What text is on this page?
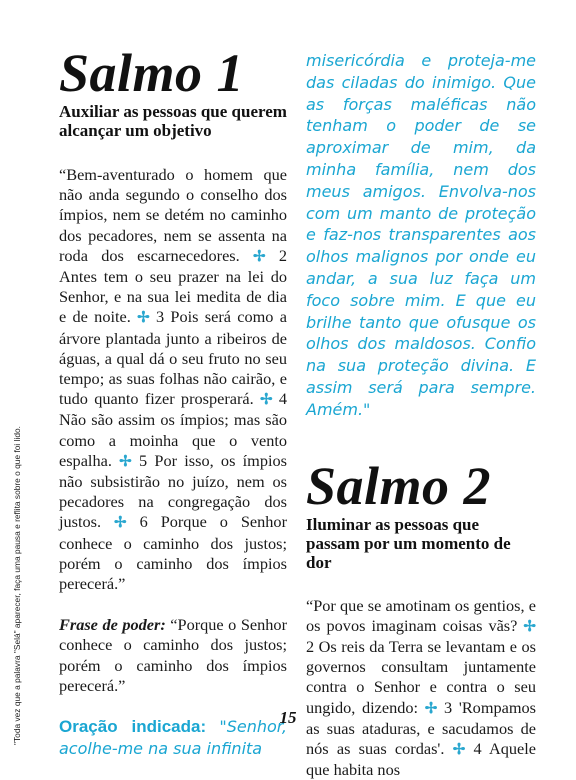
"Toda vez que a palavra "Selá" aparecer, faça uma pausa e reflita sobre o que foi lido.
Salmo 1

Auxiliar as pessoas que querem alcançar um objetivo

“Bem-aventurado o homem que não anda segundo o conselho dos ímpios, nem se detém no caminho dos pecadores, nem se assenta na roda dos escarnecedores. ✢ 2 Antes tem o seu prazer na lei do Senhor, e na sua lei medita de dia e de noite. ✢ 3 Pois será como a árvore plantada junto a ribeiros de águas, a qual dá o seu fruto no seu tempo; as suas folhas não cairão, e tudo quanto fizer prosperará. ✢ 4 Não são assim os ímpios; mas são como a moinha que o vento espalha. ✢ 5 Por isso, os ímpios não subsistirão no juízo, nem os pecadores na congregação dos justos. ✢ 6 Porque o Senhor conhece o caminho dos justos; porém o caminho dos ímpios perecerá.”

Frase de poder: “Porque o Senhor conhece o caminho dos justos; porém o caminho dos ímpios perecerá.”

Oração indicada: "Senhor, acolhe-me na sua infinita

misericórdia e proteja-me das ciladas do inimigo. Que as forças maléficas não tenham o poder de se aproximar de mim, da minha família, nem dos meus amigos. Envolva-nos com um manto de proteção e faz-nos transparentes aos olhos malignos por onde eu andar, a sua luz faça um foco sobre mim. E que eu brilhe tanto que ofusque os olhos dos maldosos. Confio na sua proteção divina. E assim será para sempre. Amém."

Salmo 2

Iluminar as pessoas que passam por um momento de dor

“Por que se amotinam os gentios, e os povos imaginam coisas vãs? ✢ 2 Os reis da Terra se levantam e os governos consultam juntamente contra o Senhor e contra o seu ungido, dizendo: ✢ 3 'Rompamos as suas ataduras, e sacudamos de nós as suas cordas'. ✢ 4 Aquele que habita nos

15
